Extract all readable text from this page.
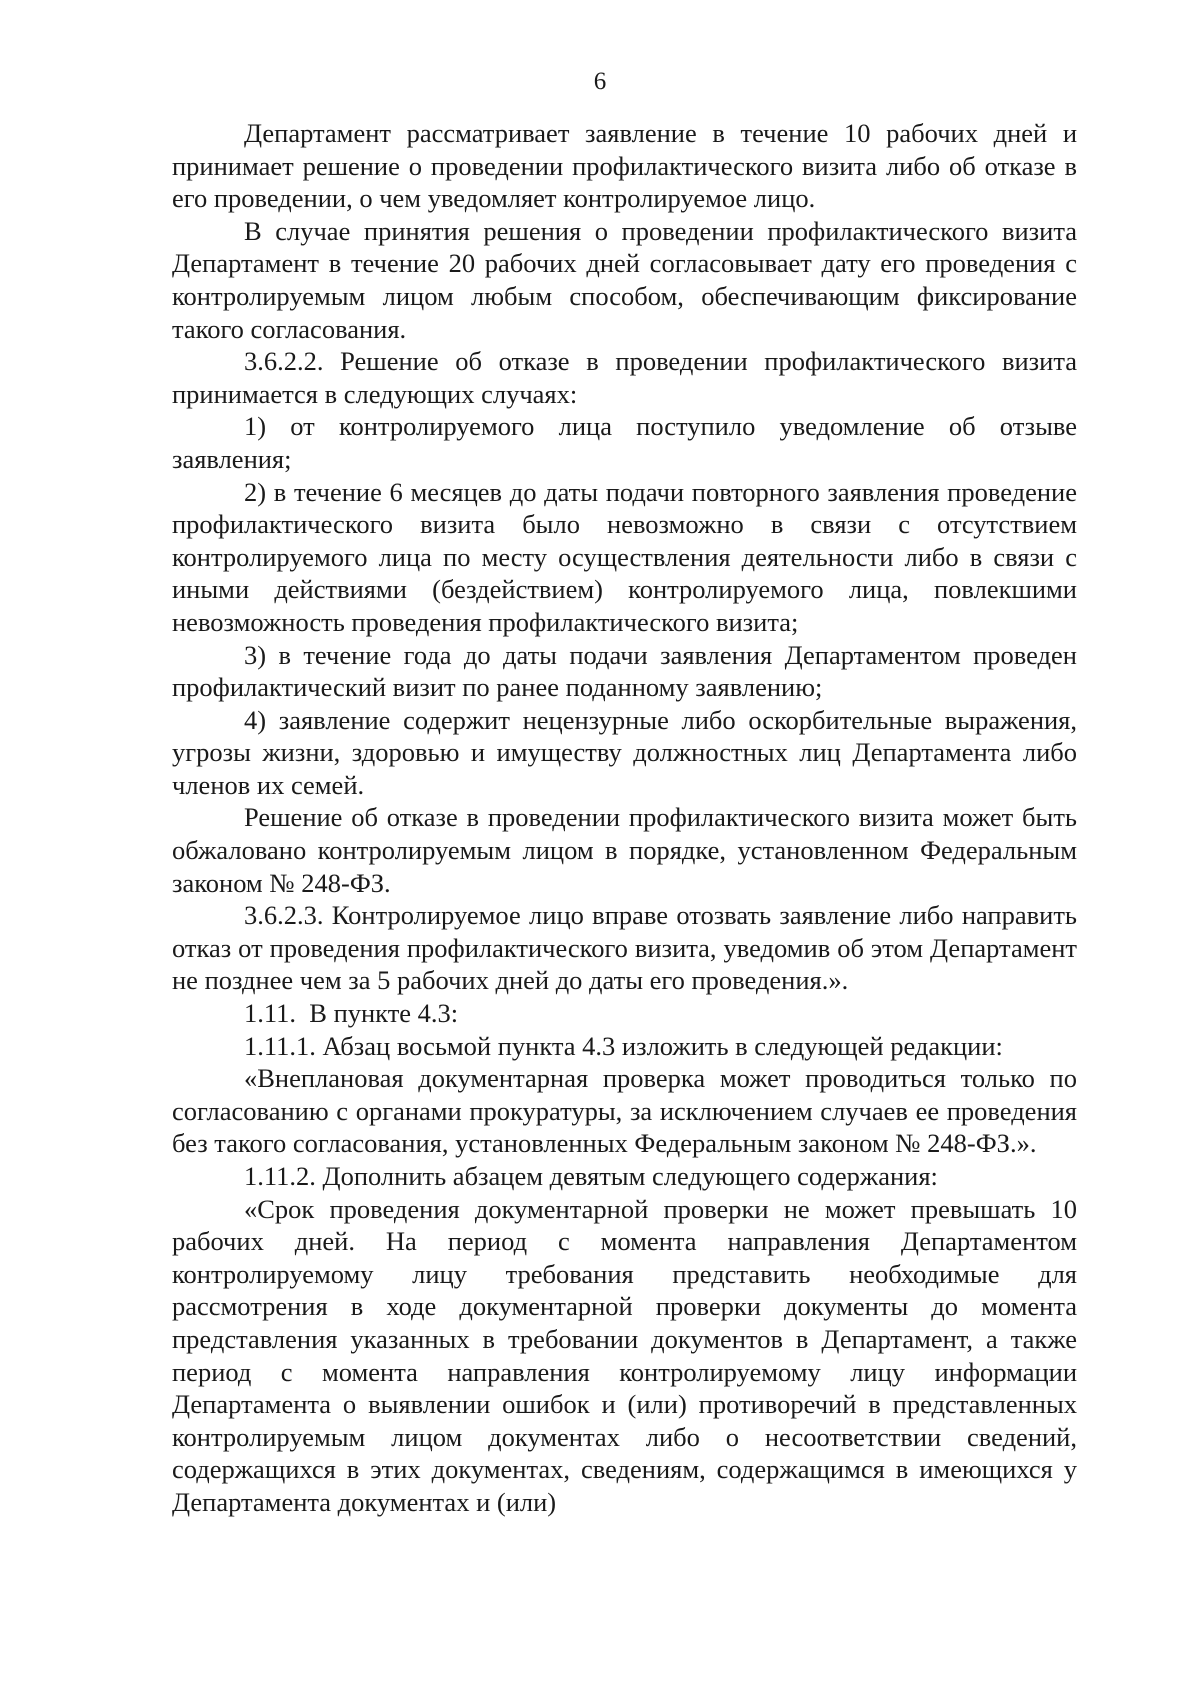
6

Департамент рассматривает заявление в течение 10 рабочих дней и принимает решение о проведении профилактического визита либо об отказе в его проведении, о чем уведомляет контролируемое лицо.

В случае принятия решения о проведении профилактического визита Департамент в течение 20 рабочих дней согласовывает дату его проведения с контролируемым лицом любым способом, обеспечивающим фиксирование такого согласования.

3.6.2.2. Решение об отказе в проведении профилактического визита принимается в следующих случаях:

1) от контролируемого лица поступило уведомление об отзыве заявления;

2) в течение 6 месяцев до даты подачи повторного заявления проведение профилактического визита было невозможно в связи с отсутствием контролируемого лица по месту осуществления деятельности либо в связи с иными действиями (бездействием) контролируемого лица, повлекшими невозможность проведения профилактического визита;

3) в течение года до даты подачи заявления Департаментом проведен профилактический визит по ранее поданному заявлению;

4) заявление содержит нецензурные либо оскорбительные выражения, угрозы жизни, здоровью и имуществу должностных лиц Департамента либо членов их семей.

Решение об отказе в проведении профилактического визита может быть обжаловано контролируемым лицом в порядке, установленном Федеральным законом № 248-ФЗ.

3.6.2.3. Контролируемое лицо вправе отозвать заявление либо направить отказ от проведения профилактического визита, уведомив об этом Департамент не позднее чем за 5 рабочих дней до даты его проведения.».

1.11.  В пункте 4.3:

1.11.1. Абзац восьмой пункта 4.3 изложить в следующей редакции:

«Внеплановая документарная проверка может проводиться только по согласованию с органами прокуратуры, за исключением случаев ее проведения без такого согласования, установленных Федеральным законом № 248-ФЗ.».

1.11.2. Дополнить абзацем девятым следующего содержания:

«Срок проведения документарной проверки не может превышать 10 рабочих дней. На период с момента направления Департаментом контролируемому лицу требования представить необходимые для рассмотрения в ходе документарной проверки документы до момента представления указанных в требовании документов в Департамент, а также период с момента направления контролируемому лицу информации Департамента о выявлении ошибок и (или) противоречий в представленных контролируемым лицом документах либо о несоответствии сведений, содержащихся в этих документах, сведениям, содержащимся в имеющихся у Департамента документах и (или)
